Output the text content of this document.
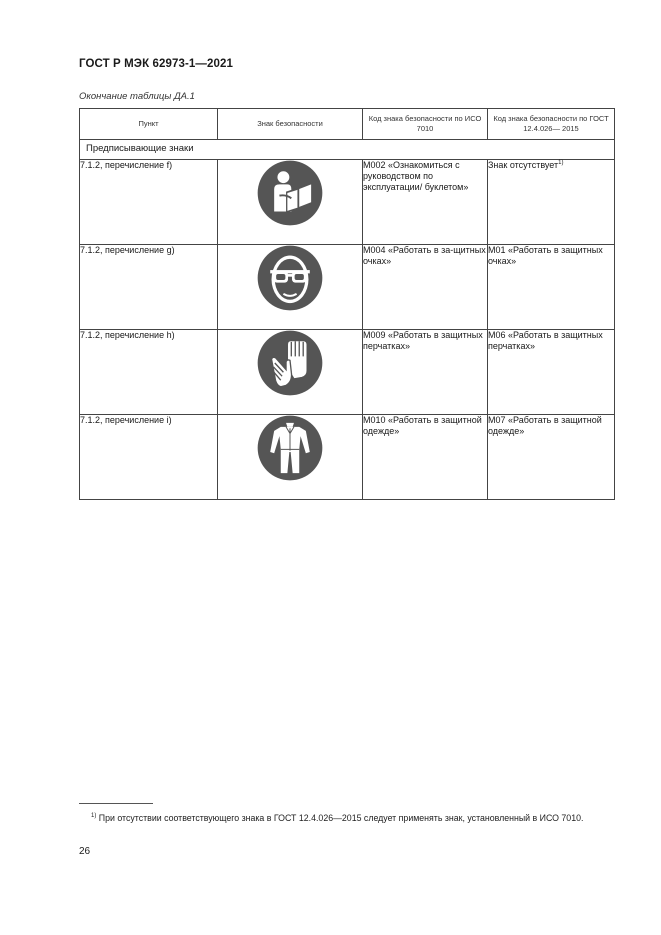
ГОСТ Р МЭК 62973-1—2021
Окончание таблицы ДА.1
Пункт	Знак безопасности	Код знака безопасности по ИСО 7010	Код знака безопасности по ГОСТ 12.4.026— 2015
Предписывающие знаки			
7.1.2, перечисление f)		M002 «Ознакомиться с руководством по эксплуатации/ буклетом»	Знак отсутствует$^{1)}$
7.1.2, перечисление g)		M004 «Работать в за-щитных очках»	M01 «Работать в защитных очках»
7.1.2, перечисление h)		M009 «Работать в защитных перчатках»	M06 «Работать в защитных перчатках»
7.1.2, перечисление i)		M010 «Работать в защитной одежде»	M07 «Работать в защитной одежде»
$^{1)}$ При отсутствии соответствующего знака в ГОСТ 12.4.026—2015 следует применять знак, установленный в ИСО 7010.
26
